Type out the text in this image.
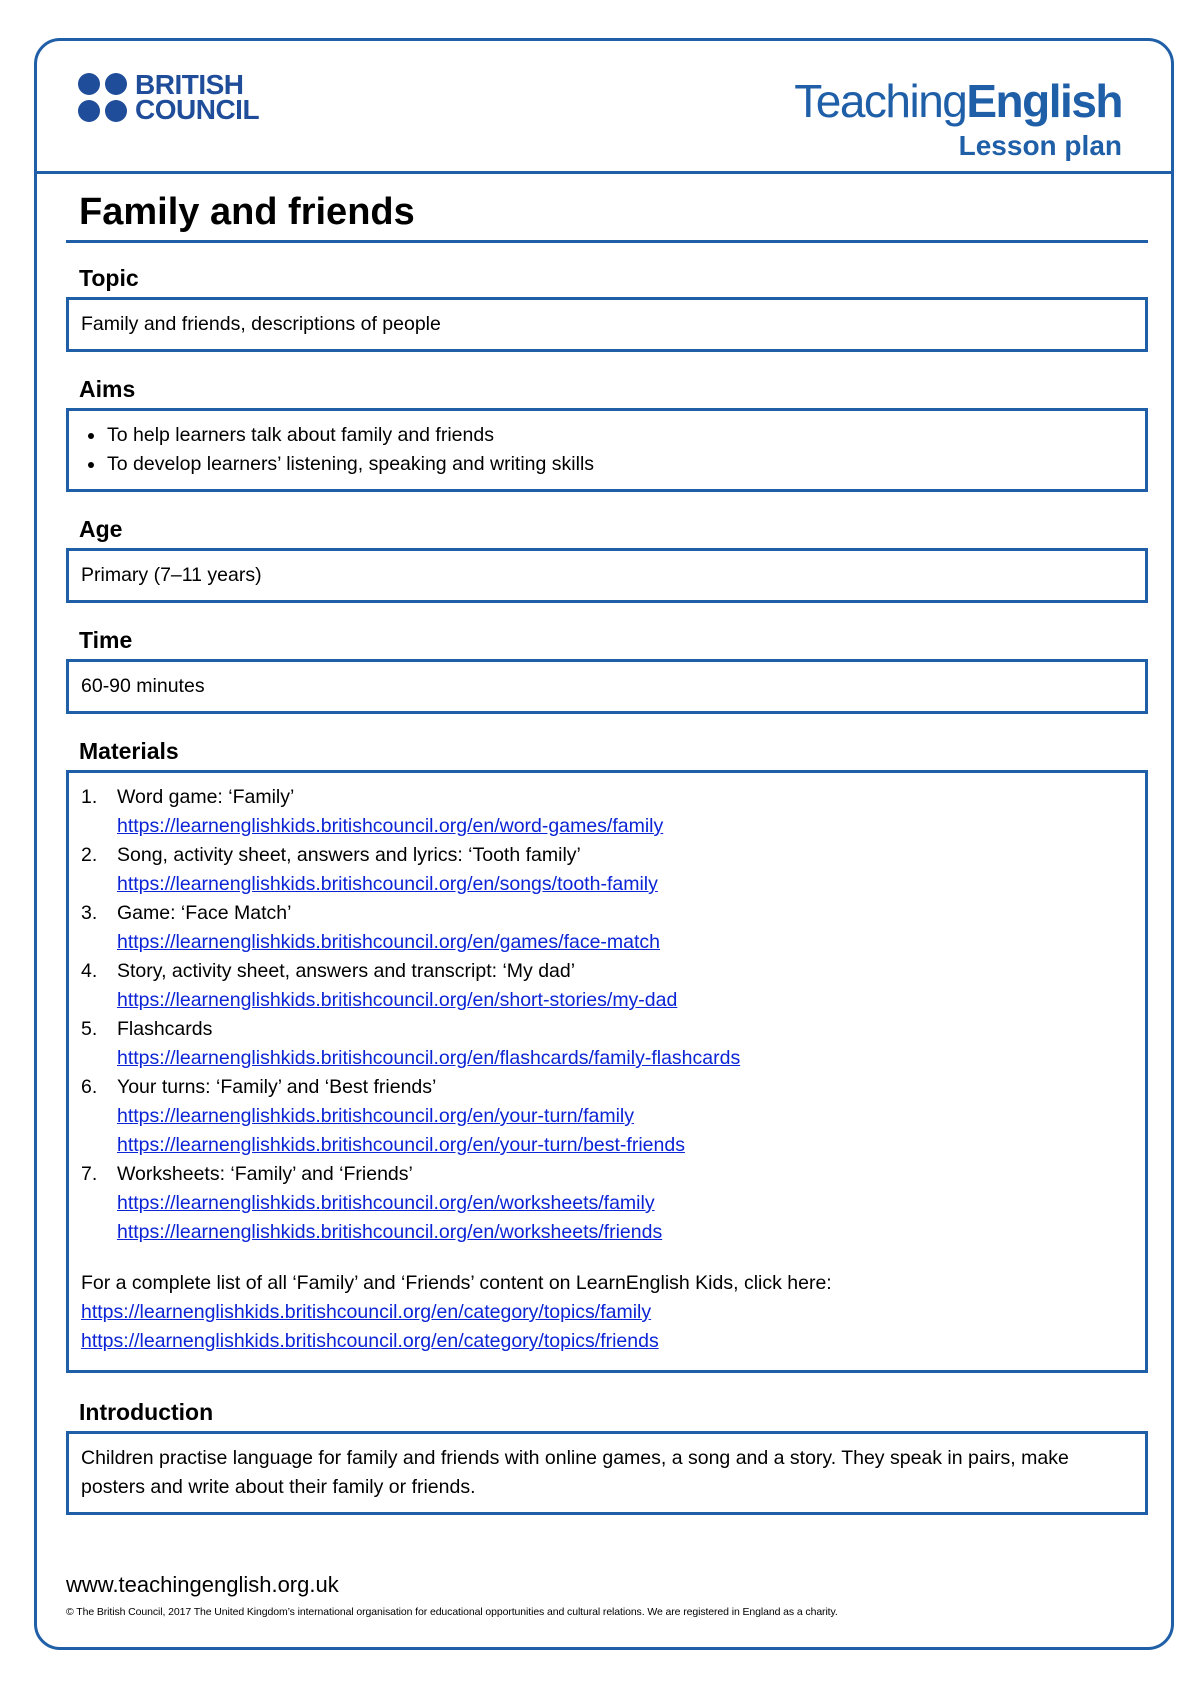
BRITISH
COUNCIL	TeachingEnglish
Lesson plan
Family and friends
Topic
Family and friends, descriptions of people
Aims
To help learners talk about family and friends
To develop learners’ listening, speaking and writing skills
Age
Primary (7–11 years)
Time
60-90 minutes
Materials
1.	Word game: ‘Family’
https://learnenglishkids.britishcouncil.org/en/word-games/family
2.	Song, activity sheet, answers and lyrics: ‘Tooth family’
https://learnenglishkids.britishcouncil.org/en/songs/tooth-family
3.	Game: ‘Face Match’
https://learnenglishkids.britishcouncil.org/en/games/face-match
4.	Story, activity sheet, answers and transcript: ‘My dad’
https://learnenglishkids.britishcouncil.org/en/short-stories/my-dad
5.	Flashcards
https://learnenglishkids.britishcouncil.org/en/flashcards/family-flashcards
6.	Your turns: ‘Family’ and ‘Best friends’
https://learnenglishkids.britishcouncil.org/en/your-turn/family
https://learnenglishkids.britishcouncil.org/en/your-turn/best-friends
7.	Worksheets: ‘Family’ and ‘Friends’
https://learnenglishkids.britishcouncil.org/en/worksheets/family
https://learnenglishkids.britishcouncil.org/en/worksheets/friends
For a complete list of all ‘Family’ and ‘Friends’ content on LearnEnglish Kids, click here:
https://learnenglishkids.britishcouncil.org/en/category/topics/family
https://learnenglishkids.britishcouncil.org/en/category/topics/friends
Introduction
Children practise language for family and friends with online games, a song and a story. They speak in pairs, make posters and write about their family or friends.
www.teachingenglish.org.uk
© The British Council, 2017 The United Kingdom’s international organisation for educational opportunities and cultural relations. We are registered in England as a charity.
